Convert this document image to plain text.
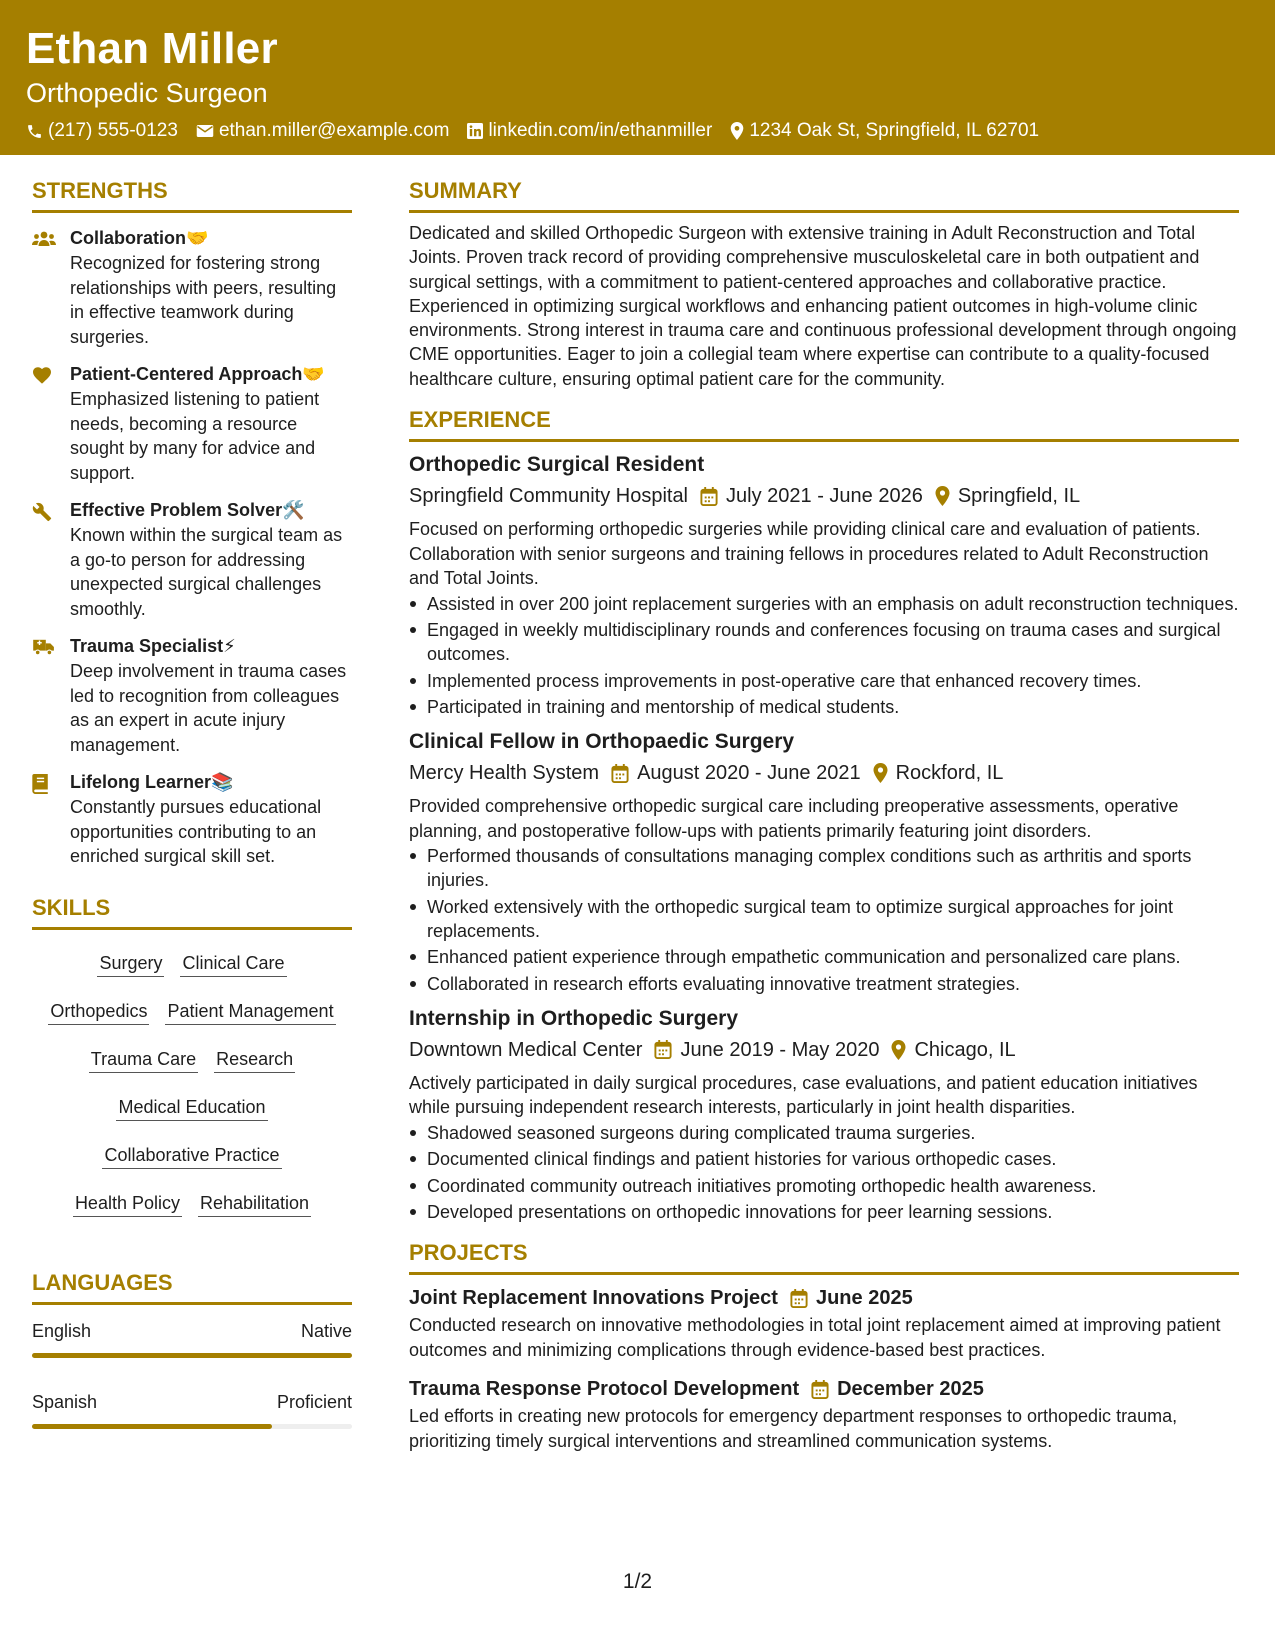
Ethan Miller
Orthopedic Surgeon
(217) 555-0123 ethan.miller@example.com linkedin.com/in/ethanmiller 1234 Oak St, Springfield, IL 62701
STRENGTHS
Collaboration🤝
Recognized for fostering strong relationships with peers, resulting in effective teamwork during surgeries.
Patient-Centered Approach🤝
Emphasized listening to patient needs, becoming a resource sought by many for advice and support.
Effective Problem Solver🛠️
Known within the surgical team as a go-to person for addressing unexpected surgical challenges smoothly.
Trauma Specialist⚡
Deep involvement in trauma cases led to recognition from colleagues as an expert in acute injury management.
Lifelong Learner📚
Constantly pursues educational opportunities contributing to an enriched surgical skill set.
SKILLS
Surgery Clinical Care
Orthopedics Patient Management
Trauma Care Research
Medical Education
Collaborative Practice
Health Policy Rehabilitation
LANGUAGES
English	Native
Spanish	Proficient
SUMMARY
Dedicated and skilled Orthopedic Surgeon with extensive training in Adult Reconstruction and Total Joints. Proven track record of providing comprehensive musculoskeletal care in both outpatient and surgical settings, with a commitment to patient-centered approaches and collaborative practice. Experienced in optimizing surgical workflows and enhancing patient outcomes in high-volume clinic environments. Strong interest in trauma care and continuous professional development through ongoing CME opportunities. Eager to join a collegial team where expertise can contribute to a quality-focused healthcare culture, ensuring optimal patient care for the community.
EXPERIENCE
Orthopedic Surgical Resident
Springfield Community Hospital July 2021 - June 2026 Springfield, IL
Focused on performing orthopedic surgeries while providing clinical care and evaluation of patients. Collaboration with senior surgeons and training fellows in procedures related to Adult Reconstruction and Total Joints.
Assisted in over 200 joint replacement surgeries with an emphasis on adult reconstruction techniques.
Engaged in weekly multidisciplinary rounds and conferences focusing on trauma cases and surgical outcomes.
Implemented process improvements in post-operative care that enhanced recovery times.
Participated in training and mentorship of medical students.
Clinical Fellow in Orthopaedic Surgery
Mercy Health System August 2020 - June 2021 Rockford, IL
Provided comprehensive orthopedic surgical care including preoperative assessments, operative planning, and postoperative follow-ups with patients primarily featuring joint disorders.
Performed thousands of consultations managing complex conditions such as arthritis and sports injuries.
Worked extensively with the orthopedic surgical team to optimize surgical approaches for joint replacements.
Enhanced patient experience through empathetic communication and personalized care plans.
Collaborated in research efforts evaluating innovative treatment strategies.
Internship in Orthopedic Surgery
Downtown Medical Center June 2019 - May 2020 Chicago, IL
Actively participated in daily surgical procedures, case evaluations, and patient education initiatives while pursuing independent research interests, particularly in joint health disparities.
Shadowed seasoned surgeons during complicated trauma surgeries.
Documented clinical findings and patient histories for various orthopedic cases.
Coordinated community outreach initiatives promoting orthopedic health awareness.
Developed presentations on orthopedic innovations for peer learning sessions.
PROJECTS
Joint Replacement Innovations Project June 2025
Conducted research on innovative methodologies in total joint replacement aimed at improving patient outcomes and minimizing complications through evidence-based best practices.
Trauma Response Protocol Development December 2025
Led efforts in creating new protocols for emergency department responses to orthopedic trauma, prioritizing timely surgical interventions and streamlined communication systems.
1/2
